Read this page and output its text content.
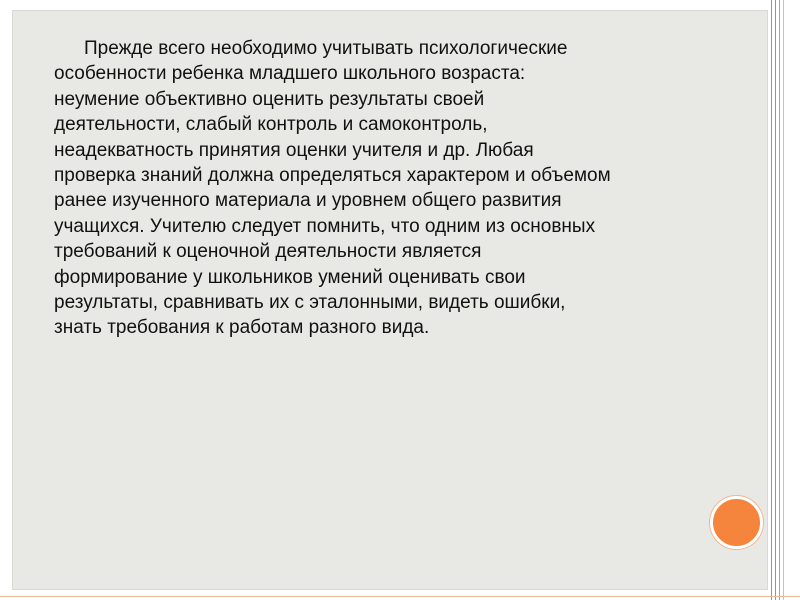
Прежде всего необходимо учитывать психологические
особенности ребенка младшего школьного возраста:
неумение объективно оценить результаты своей
деятельности, слабый контроль и самоконтроль,
неадекватность принятия оценки учителя и др. Любая
проверка знаний должна определяться характером и объемом
ранее изученного материала и уровнем общего развития
учащихся. Учителю следует помнить, что одним из основных
требований к оценочной деятельности является
формирование у школьников умений оценивать свои
результаты, сравнивать их с эталонными, видеть ошибки,
знать требования к работам разного вида.
